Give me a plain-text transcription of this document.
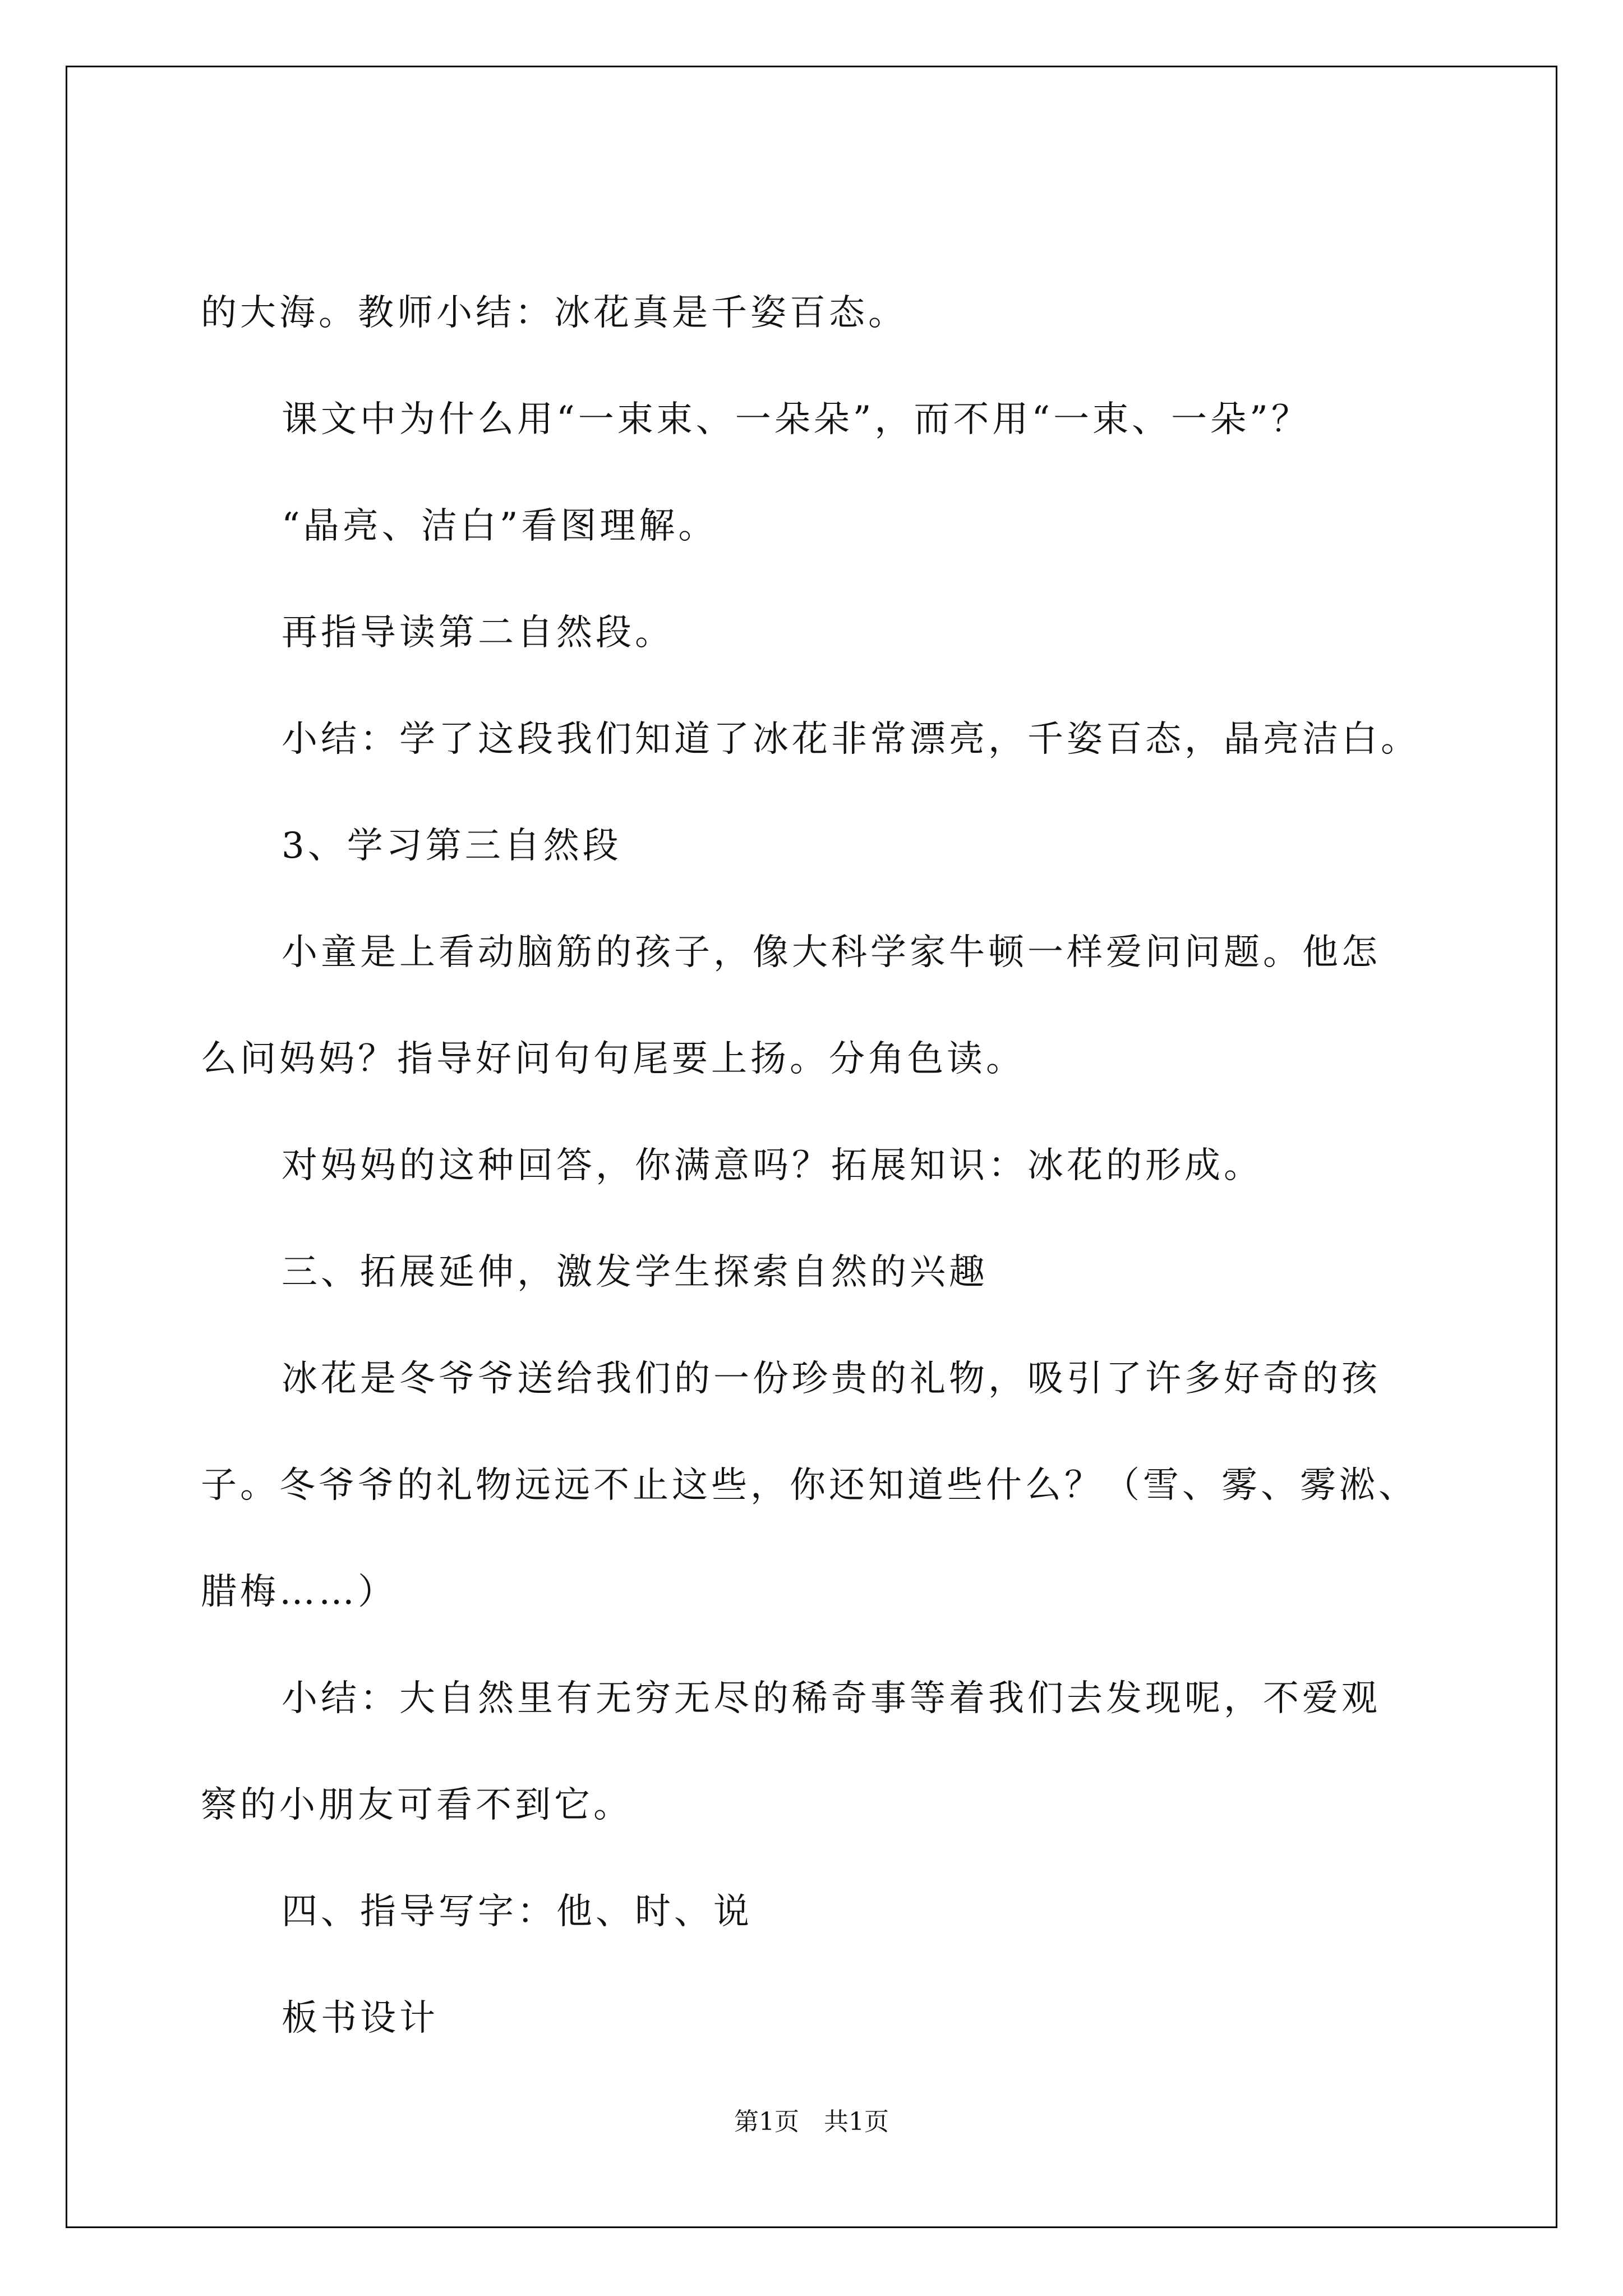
的大海。教师小结：冰花真是千姿百态。
课文中为什么用“一束束、一朵朵”，而不用“一束、一朵”？
“晶亮、洁白”看图理解。
再指导读第二自然段。
小结：学了这段我们知道了冰花非常漂亮，千姿百态，晶亮洁白。
3、学习第三自然段
小童是上看动脑筋的孩子，像大科学家牛顿一样爱问问题。他怎
么问妈妈？指导好问句句尾要上扬。分角色读。
对妈妈的这种回答，你满意吗？拓展知识：冰花的形成。
三、拓展延伸，激发学生探索自然的兴趣
冰花是冬爷爷送给我们的一份珍贵的礼物，吸引了许多好奇的孩
子。冬爷爷的礼物远远不止这些，你还知道些什么？（雪、雾、雾淞、
腊梅……）
小结：大自然里有无穷无尽的稀奇事等着我们去发现呢，不爱观
察的小朋友可看不到它。
四、指导写字：他、时、说
板书设计
第1页　共1页
